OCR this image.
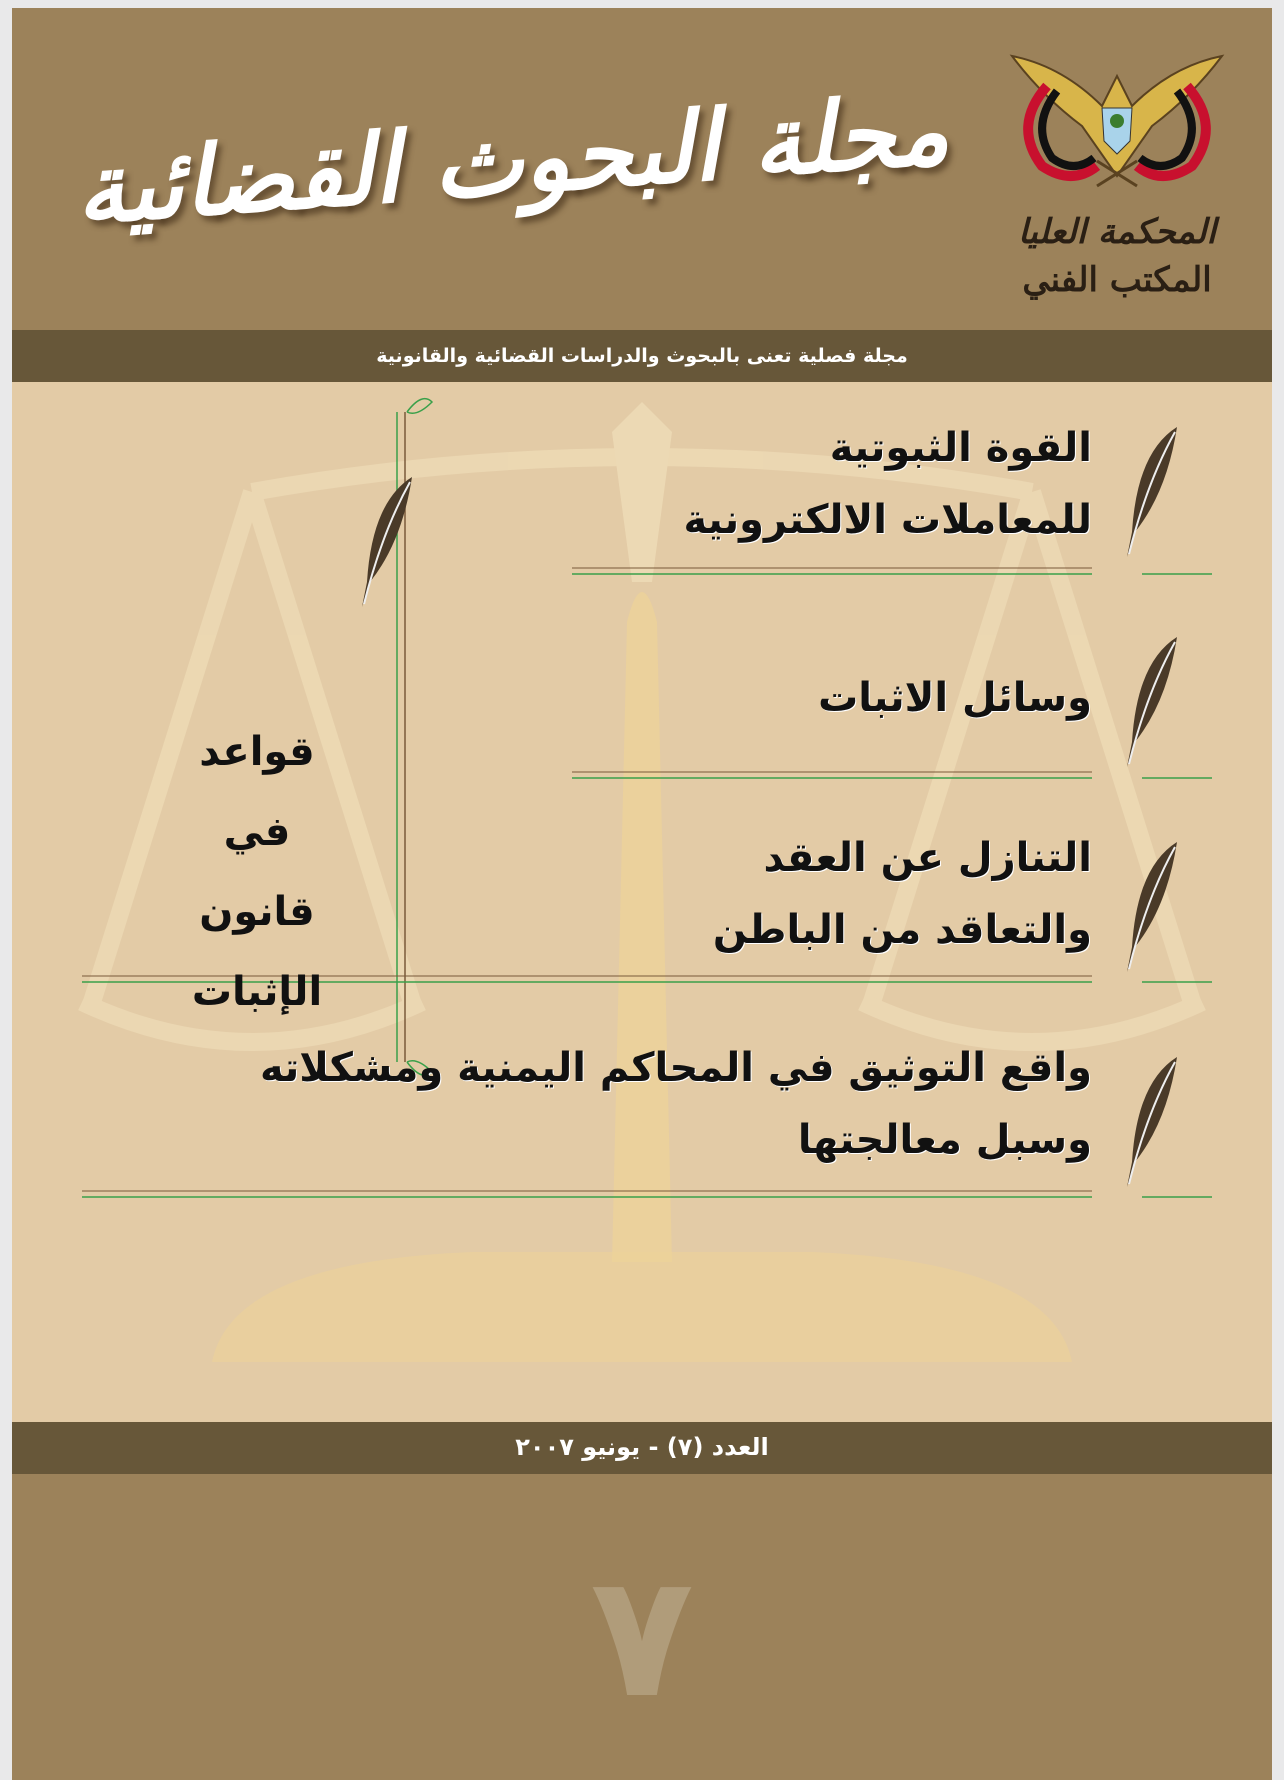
مجلة البحوث القضائية	المحكمة العليا
المكتب الفني
مجلة فصلية تعنى بالبحوث والدراسات القضائية والقانونية
القوة الثبوتية
للمعاملات الالكترونية
وسائل الاثبات
التنازل عن العقد
والتعاقد من الباطن
واقع التوثيق في المحاكم اليمنية ومشكلاته
وسبل معالجتها
قواعد
في
قانون
الإثبات
العدد (٧) - يونيو ٢٠٠٧
٧
